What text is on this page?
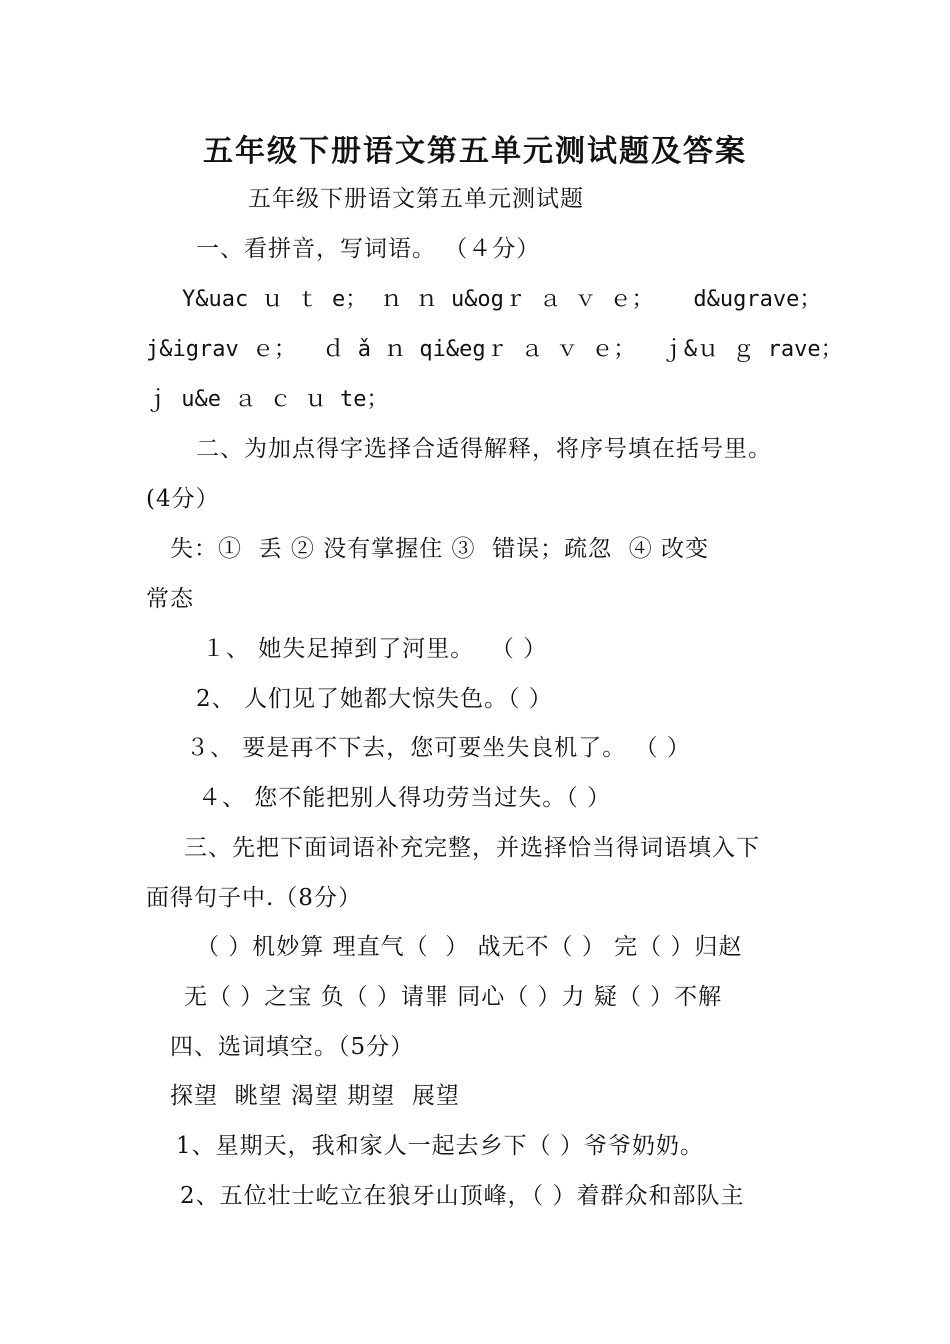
五年级下册语文第五单元测试题及答案
五年级下册语文第五单元测试题
一、看拼音，写词语。 （４分）
Y&uac ｕ ｔ e； ｎ ｎ u&ogｒ ａ ｖ ｅ；   d&ugrave；
j&igrav ｅ；  ｄ ǎ ｎ qi&egｒ ａ ｖ ｅ；  ｊ&ｕ ｇ rave；
ｊ u&e ａ ｃ ｕ te；
二、为加点得字选择合适得解释，将序号填在括号里。
(4分）
失：①  丢 ② 没有掌握住 ③  错误；疏忽  ④ 改变
常态
１、 她失足掉到了河里。  （ ）
2、 人们见了她都大惊失色。（ ）
３、 要是再不下去，您可要坐失良机了。 （ ）
４、 您不能把别人得功劳当过失。（ ）
三、先把下面词语补充完整，并选择恰当得词语填入下
面得句子中.（8分）
（ ）机妙算 理直气（  ） 战无不（ ） 完（ ）归赵
无（ ）之宝 负（ ）请罪 同心（ ）力 疑（ ）不解
四、选词填空。（5分）
探望  眺望 渴望 期望  展望
1、星期天，我和家人一起去乡下（ ）爷爷奶奶。
2、五位壮士屹立在狼牙山顶峰，（ ）着群众和部队主
